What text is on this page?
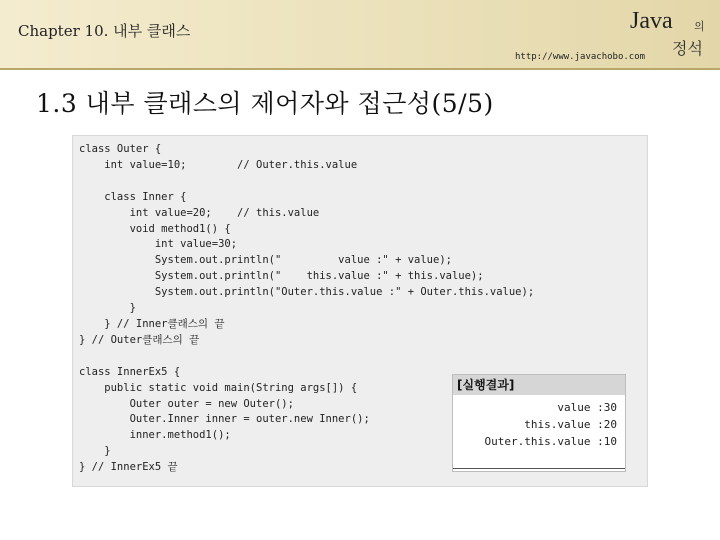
Chapter 10. 내부 클래스	Java 의
정석
http://www.javachobo.com
1.3 내부 클래스의 제어자와 접근성(5/5)
class Outer {
int value=10;        // Outer.this.value

class Inner {
int value=20;    // this.value
void method1() {
int value=30;
System.out.println("         value :" + value);
System.out.println("    this.value :" + this.value);
System.out.println("Outer.this.value :" + Outer.this.value);
}
} // Inner클래스의 끝
} // Outer클래스의 끝

class InnerEx5 {
public static void main(String args[]) {
Outer outer = new Outer();
Outer.Inner inner = outer.new Inner();
inner.method1();
}
} // InnerEx5 끝

[실행결과]
value :30
this.value :20
Outer.this.value :10
